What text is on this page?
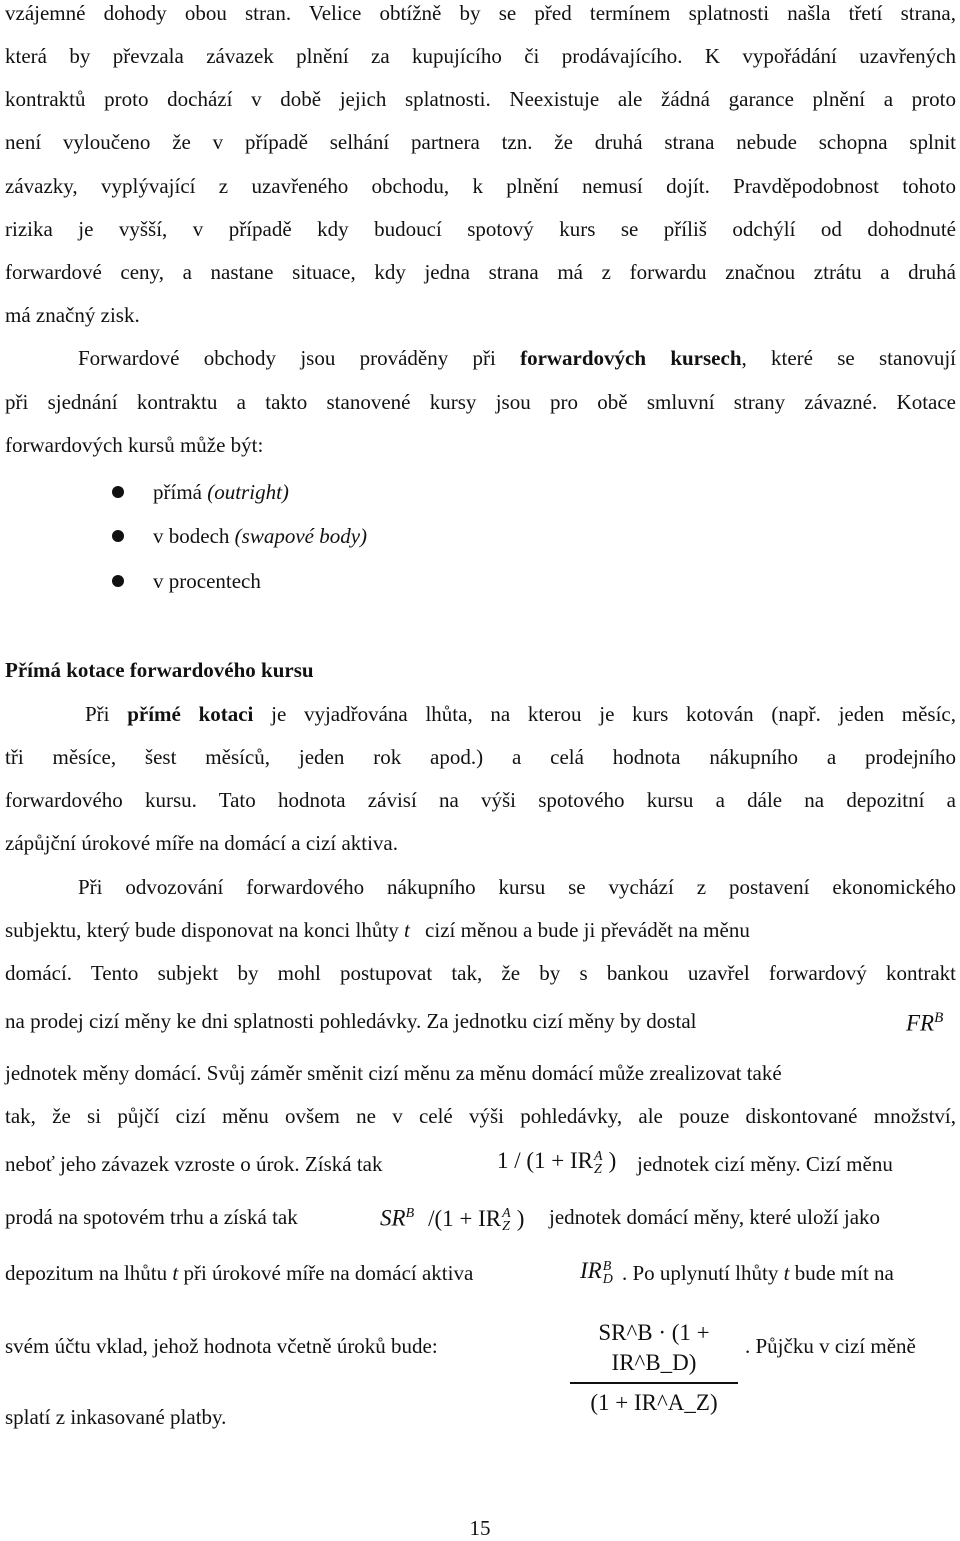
vzájemné dohody obou stran. Velice obtížně by se před termínem splatnosti našla třetí strana,
která by převzala závazek plnění za kupujícího či prodávajícího. K vypořádání uzavřených
kontraktů proto dochází v době jejich splatnosti. Neexistuje ale žádná garance plnění a proto
není vyloučeno že v případě selhání partnera tzn. že druhá strana nebude schopna splnit
závazky, vyplývající z uzavřeného obchodu, k plnění nemusí dojít. Pravděpodobnost tohoto
rizika je vyšší, v případě kdy budoucí spotový kurs se příliš odchýlí od dohodnuté
forwardové ceny, a nastane situace, kdy jedna strana má z forwardu značnou ztrátu a druhá
má značný zisk.
Forwardové obchody jsou prováděny při forwardových kursech, které se stanovují
při sjednání kontraktu a takto stanovené kursy jsou pro obě smluvní strany závazné. Kotace
forwardových kursů může být:
přímá (outright)
v bodech (swapové body)
v procentech
Přímá kotace forwardového kursu
Při přímé kotaci je vyjadřována lhůta, na kterou je kurs kotován (např. jeden měsíc,
tři měsíce, šest měsíců, jeden rok apod.) a celá hodnota nákupního a prodejního
forwardového kursu. Tato hodnota závisí na výši spotového kursu a dále na depozitní a
zápůjční úrokové míře na domácí a cizí aktiva.
Při odvozování forwardového nákupního kursu se vychází z postavení ekonomického
subjektu, který bude disponovat na konci lhůty t cizí měnou a bude ji převádět na měnu
domácí. Tento subjekt by mohl postupovat tak, že by s bankou uzavřel forwardový kontrakt
na prodej cizí měny ke dni splatnosti pohledávky. Za jednotku cizí měny by dostal	$FR^B$
jednotek měny domácí. Svůj záměr směnit cizí měnu za měnu domácí může zrealizovat také
tak, že si půjčí cizí měnu ovšem ne v celé výši pohledávky, ale pouze diskontované množství,
neboť jeho závazek vzroste o úrok. Získá tak	1 / (1 + IR A
Z ) jednotek cizí měny. Cizí měnu
prodá na spotovém trhu a získá tak	$SR^B$ /(1 + IR A
Z ) jednotek domácí měny, které uloží jako
depozitum na lhůtu t při úrokové míře na domácí aktiva	IR B
D . Po uplynutí lhůty t bude mít na
svém účtu vklad, jehož hodnota včetně úroků bude:
SR^B · (1 + IR^B_D)
(1 + IR^A_Z)
. Půjčku v cizí měně
splatí z inkasované platby.
15
